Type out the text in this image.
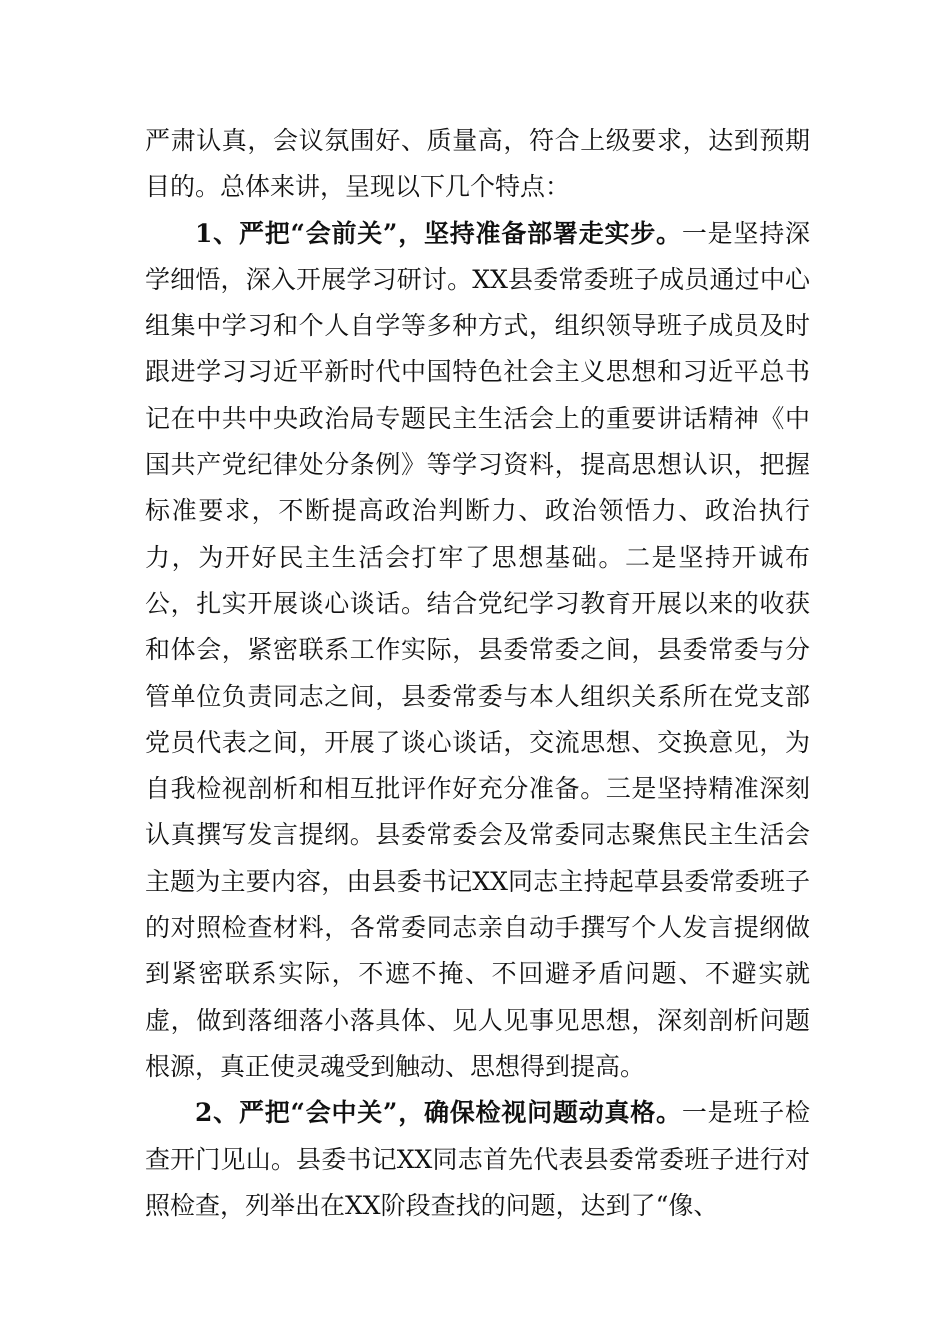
严肃认真，会议氛围好、质量高，符合上级要求，达到预期目的。总体来讲，呈现以下几个特点：

1、严把“会前关”，坚持准备部署走实步。一是坚持深学细悟，深入开展学习研讨。XX县委常委班子成员通过中心组集中学习和个人自学等多种方式，组织领导班子成员及时跟进学习习近平新时代中国特色社会主义思想和习近平总书记在中共中央政治局专题民主生活会上的重要讲话精神《中国共产党纪律处分条例》等学习资料，提高思想认识，把握标准要求，不断提高政治判断力、政治领悟力、政治执行力，为开好民主生活会打牢了思想基础。二是坚持开诚布公，扎实开展谈心谈话。结合党纪学习教育开展以来的收获和体会，紧密联系工作实际，县委常委之间，县委常委与分管单位负责同志之间，县委常委与本人组织关系所在党支部党员代表之间，开展了谈心谈话，交流思想、交换意见，为自我检视剖析和相互批评作好充分准备。三是坚持精准深刻认真撰写发言提纲。县委常委会及常委同志聚焦民主生活会主题为主要内容，由县委书记XX同志主持起草县委常委班子的对照检查材料，各常委同志亲自动手撰写个人发言提纲做到紧密联系实际，不遮不掩、不回避矛盾问题、不避实就虚，做到落细落小落具体、见人见事见思想，深刻剖析问题根源，真正使灵魂受到触动、思想得到提高。

2、严把“会中关”，确保检视问题动真格。一是班子检查开门见山。县委书记XX同志首先代表县委常委班子进行对照检查，列举出在XX阶段查找的问题，达到了“像、
